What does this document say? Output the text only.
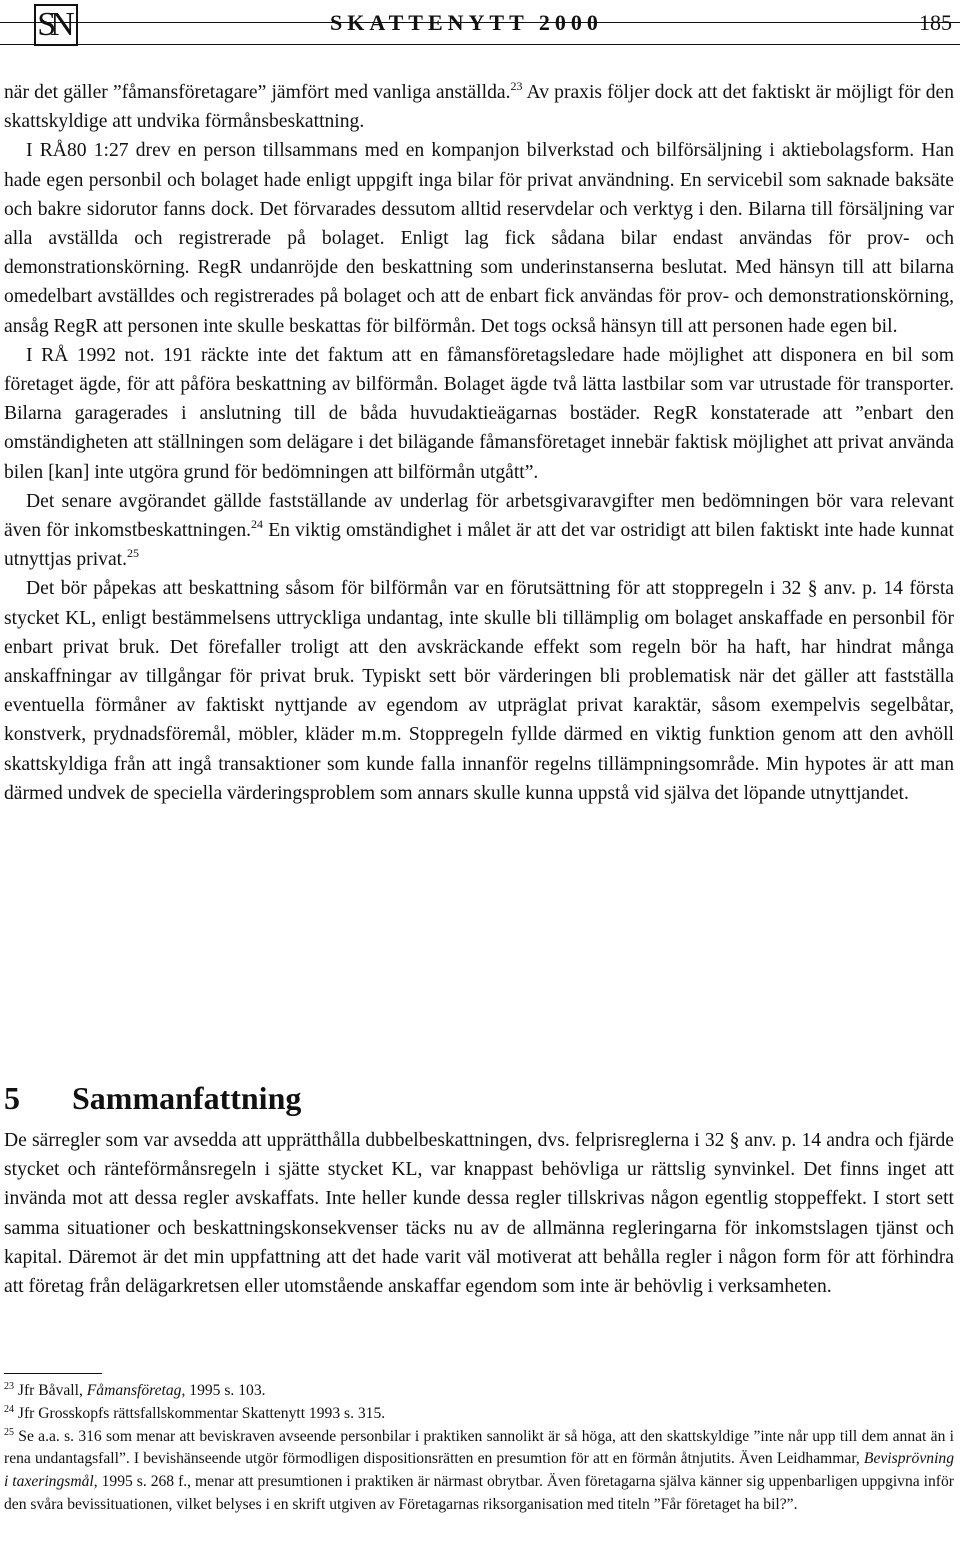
SN	SKATTENYTT 2000	185

när det gäller ”fåmansföretagare” jämfört med vanliga anställda.$^{23}$ Av praxis följer dock att det faktiskt är möjligt för den skattskyldige att undvika förmånsbeskattning.

I RÅ80 1:27 drev en person tillsammans med en kompanjon bilverkstad och bilförsäljning i aktiebolagsform. Han hade egen personbil och bolaget hade enligt uppgift inga bilar för privat användning. En servicebil som saknade baksäte och bakre sidorutor fanns dock. Det förvarades dessutom alltid reservdelar och verktyg i den. Bilarna till försäljning var alla avställda och registrerade på bolaget. Enligt lag fick sådana bilar endast användas för prov- och demonstrationskörning. RegR undanröjde den beskattning som underinstanserna beslutat. Med hänsyn till att bilarna omedelbart avställdes och registrerades på bolaget och att de enbart fick användas för prov- och demonstrationskörning, ansåg RegR att personen inte skulle beskattas för bilförmån. Det togs också hänsyn till att personen hade egen bil.

I RÅ 1992 not. 191 räckte inte det faktum att en fåmansföretagsledare hade möjlighet att disponera en bil som företaget ägde, för att påföra beskattning av bilförmån. Bolaget ägde två lätta lastbilar som var utrustade för transporter. Bilarna garagerades i anslutning till de båda huvudaktieägarnas bostäder. RegR konstaterade att ”enbart den omständigheten att ställningen som delägare i det bilägande fåmansföretaget innebär faktisk möjlighet att privat använda bilen [kan] inte utgöra grund för bedömningen att bilförmån utgått”.

Det senare avgörandet gällde fastställande av underlag för arbetsgivaravgifter men bedömningen bör vara relevant även för inkomstbeskattningen.$^{24}$ En viktig omständighet i målet är att det var ostridigt att bilen faktiskt inte hade kunnat utnyttjas privat.$^{25}$

Det bör påpekas att beskattning såsom för bilförmån var en förutsättning för att stoppregeln i 32 § anv. p. 14 första stycket KL, enligt bestämmelsens uttryckliga undantag, inte skulle bli tillämplig om bolaget anskaffade en personbil för enbart privat bruk. Det förefaller troligt att den avskräckande effekt som regeln bör ha haft, har hindrat många anskaffningar av tillgångar för privat bruk. Typiskt sett bör värderingen bli problematisk när det gäller att fastställa eventuella förmåner av faktiskt nyttjande av egendom av utpräglat privat karaktär, såsom exempelvis segelbåtar, konstverk, prydnadsföremål, möbler, kläder m.m. Stoppregeln fyllde därmed en viktig funktion genom att den avhöll skattskyldiga från att ingå transaktioner som kunde falla innanför regelns tillämpningsområde. Min hypotes är att man därmed undvek de speciella värderingsproblem som annars skulle kunna uppstå vid själva det löpande utnyttjandet.

5 Sammanfattning

De särregler som var avsedda att upprätthålla dubbelbeskattningen, dvs. felprisreglerna i 32 § anv. p. 14 andra och fjärde stycket och ränteförmånsregeln i sjätte stycket KL, var knappast behövliga ur rättslig synvinkel. Det finns inget att invända mot att dessa regler avskaffats. Inte heller kunde dessa regler tillskrivas någon egentlig stoppeffekt. I stort sett samma situationer och beskattningskonsekvenser täcks nu av de allmänna regleringarna för inkomstslagen tjänst och kapital. Däremot är det min uppfattning att det hade varit väl motiverat att behålla regler i någon form för att förhindra att företag från delägarkretsen eller utomstående anskaffar egendom som inte är behövlig i verksamheten.

$^{23}$ Jfr Båvall, Fåmansföretag, 1995 s. 103.

$^{24}$ Jfr Grosskopfs rättsfallskommentar Skattenytt 1993 s. 315.

$^{25}$ Se a.a. s. 316 som menar att beviskraven avseende personbilar i praktiken sannolikt är så höga, att den skattskyldige ”inte når upp till dem annat än i rena undantagsfall”. I bevishänseende utgör förmodligen dispositionsrätten en presumtion för att en förmån åtnjutits. Även Leidhammar, Bevisprövning i taxeringsmål, 1995 s. 268 f., menar att presumtionen i praktiken är närmast obrytbar. Även företagarna själva känner sig uppenbarligen uppgivna inför den svåra bevissituationen, vilket belyses i en skrift utgiven av Företagarnas riksorganisation med titeln ”Får företaget ha bil?”.
